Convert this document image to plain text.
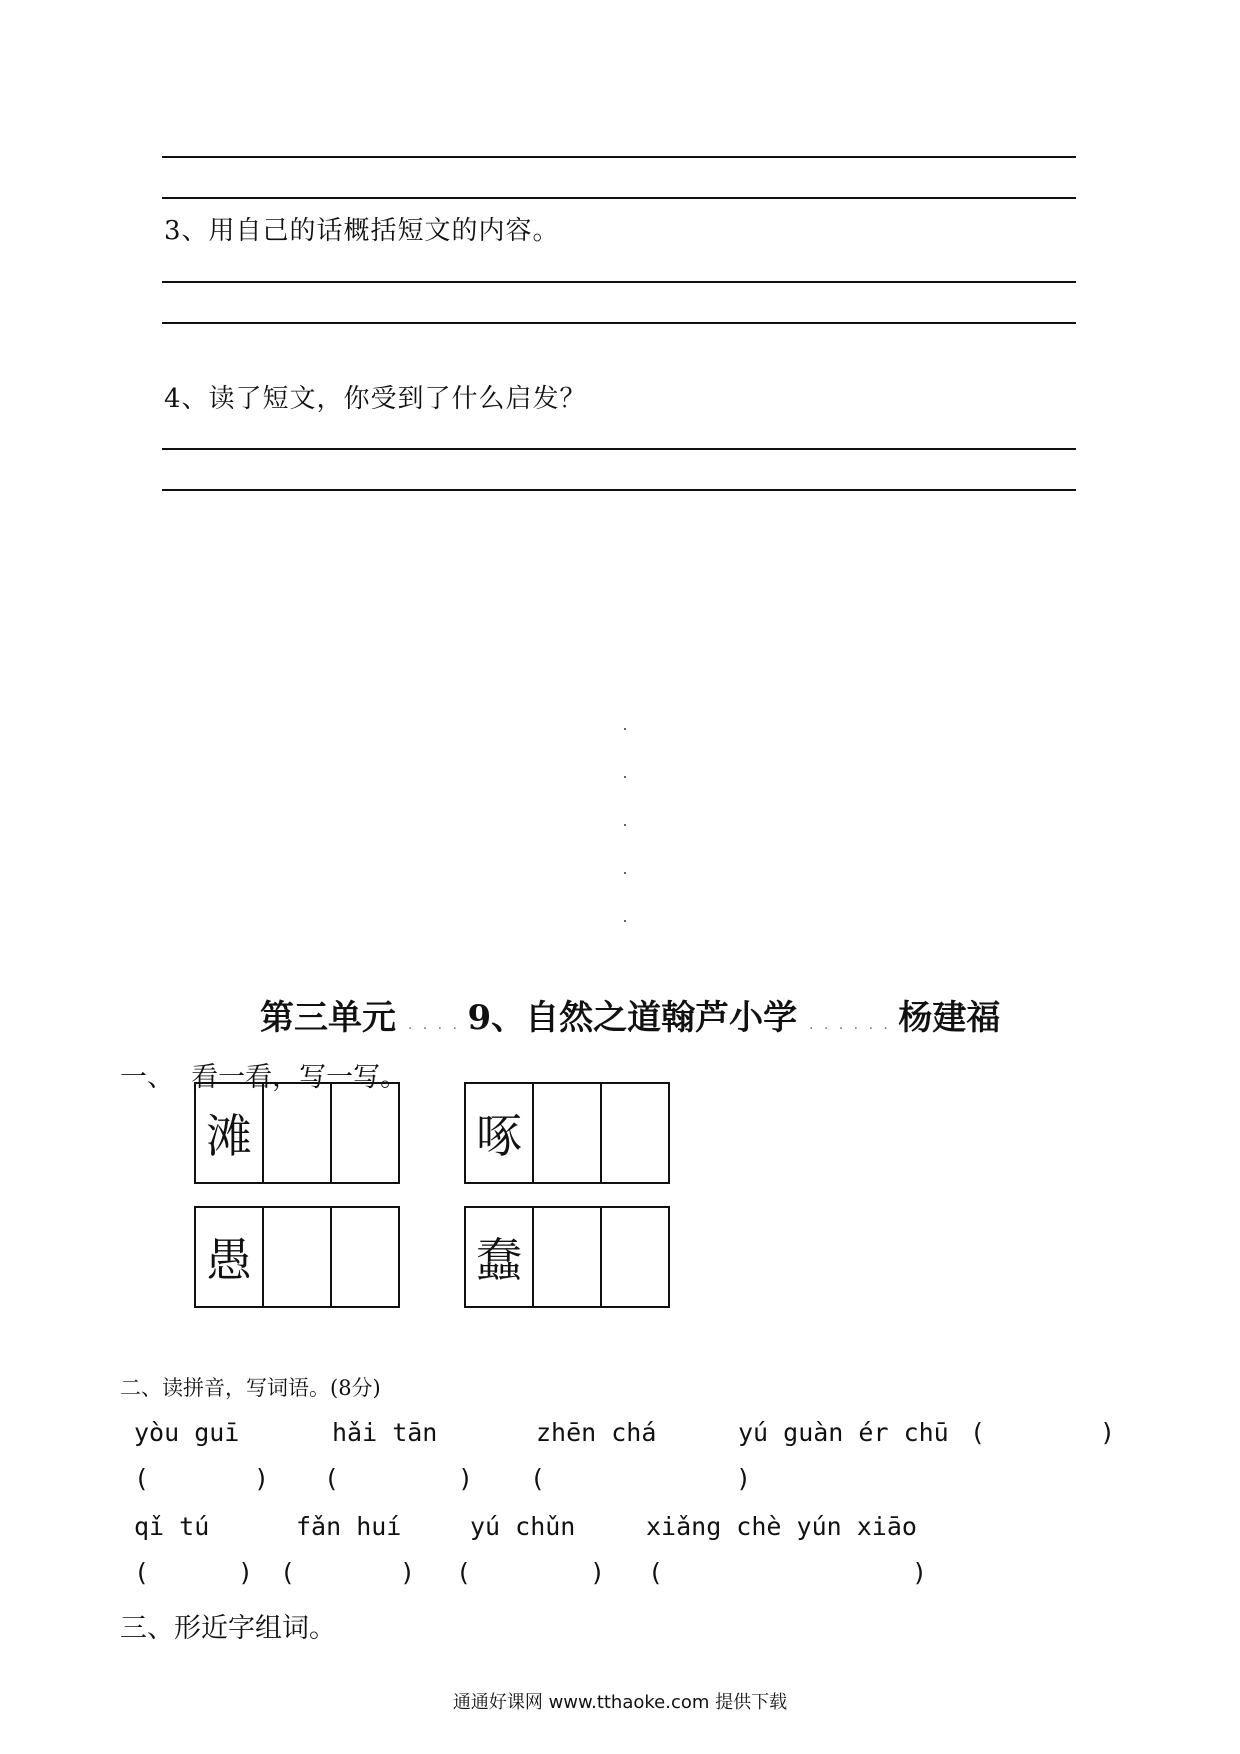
3、用自己的话概括短文的内容。
4、读了短文，你受到了什么启发？
第三单元 . . . . 9、自然之道翰芦小学 . . . . . . 杨建福
一、  看一看，写一写。
滩	啄
愚	蠢
二、读拼音，写词语。(8分)
yòu guī	hǎi tān	zhēn chá	yú guàn ér chū (	)
(	) (	) (	)
qǐ tú	fǎn huí	yú chǔn	xiǎng chè yún xiāo
(	) (	) (	) (	)
三、形近字组词。
通通好课网 www.tthaoke.com 提供下载
